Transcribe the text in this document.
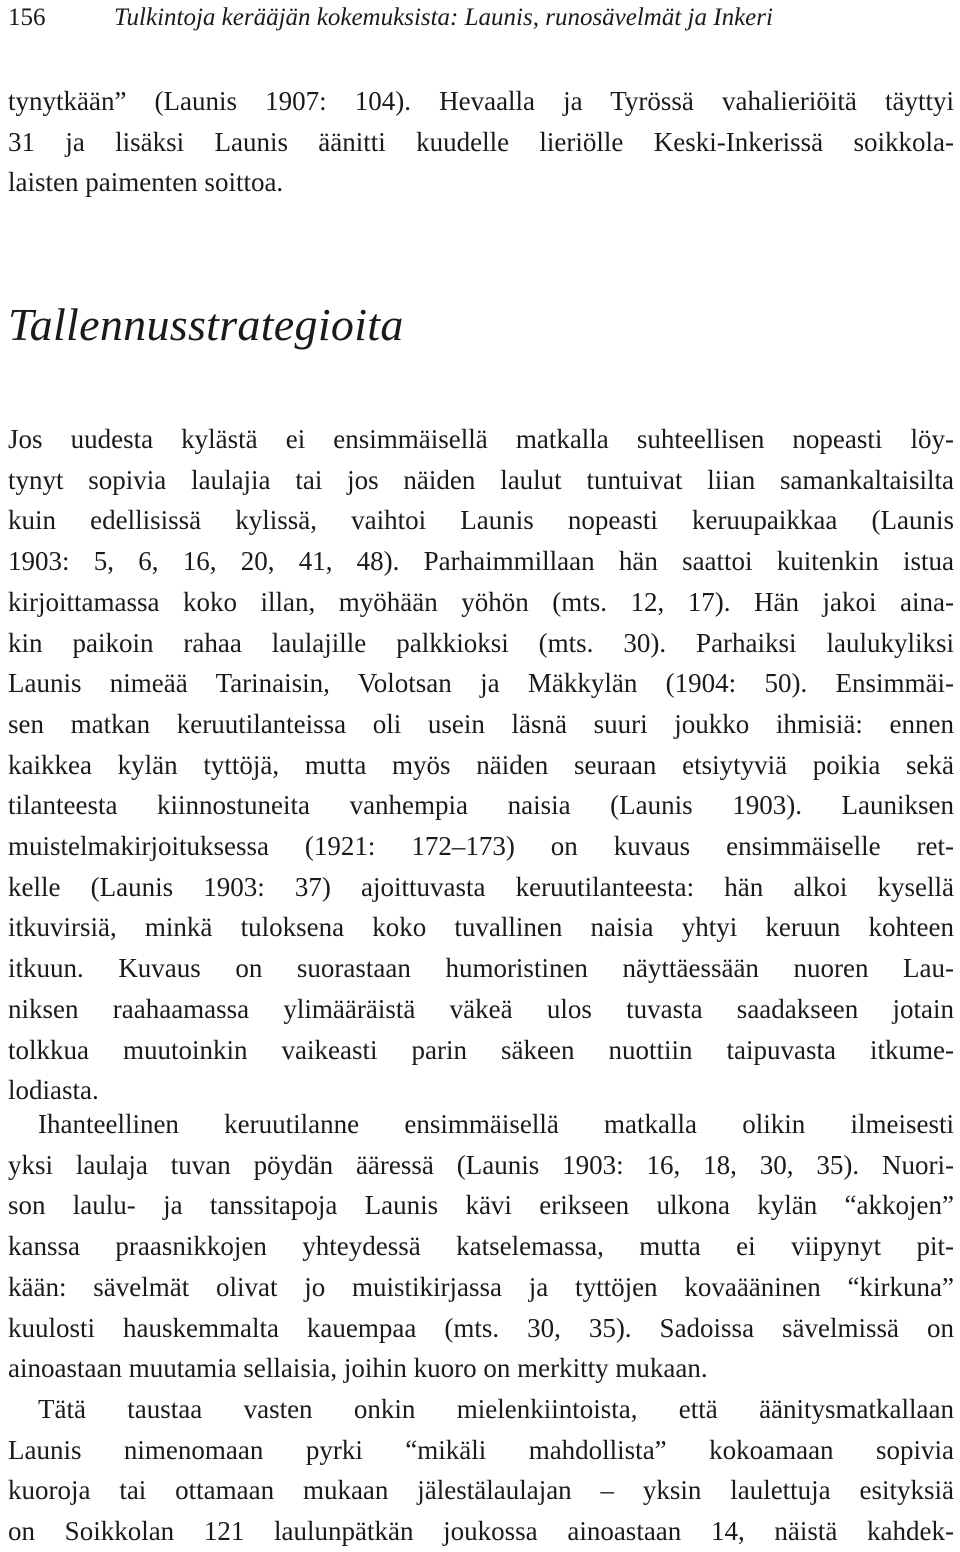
156	Tulkintoja kerääjän kokemuksista: Launis, runosävelmät ja Inkeri
tynytkään” (Launis 1907: 104). Hevaalla ja Tyrössä vahalieriöitä täyttyi
31 ja lisäksi Launis äänitti kuudelle lieriölle Keski-Inkerissä soikkola-
laisten paimenten soittoa.
Tallennusstrategioita
Jos uudesta kylästä ei ensimmäisellä matkalla suhteellisen nopeasti löy-
tynyt sopivia laulajia tai jos näiden laulut tuntuivat liian samankaltaisilta
kuin edellisissä kylissä, vaihtoi Launis nopeasti keruupaikkaa (Launis
1903: 5, 6, 16, 20, 41, 48). Parhaimmillaan hän saattoi kuitenkin istua
kirjoittamassa koko illan, myöhään yöhön (mts. 12, 17). Hän jakoi aina-
kin paikoin rahaa laulajille palkkioksi (mts. 30). Parhaiksi laulukyliksi
Launis nimeää Tarinaisin, Volotsan ja Mäkkylän (1904: 50). Ensimmäi-
sen matkan keruutilanteissa oli usein läsnä suuri joukko ihmisiä: ennen
kaikkea kylän tyttöjä, mutta myös näiden seuraan etsiytyviä poikia sekä
tilanteesta kiinnostuneita vanhempia naisia (Launis 1903). Launiksen
muistelmakirjoituksessa (1921: 172–173) on kuvaus ensimmäiselle ret-
kelle (Launis 1903: 37) ajoittuvasta keruutilanteesta: hän alkoi kysellä
itkuvirsiä, minkä tuloksena koko tuvallinen naisia yhtyi keruun kohteen
itkuun. Kuvaus on suorastaan humoristinen näyttäessään nuoren Lau-
niksen raahaamassa ylimääräistä väkeä ulos tuvasta saadakseen jotain
tolkkua muutoinkin vaikeasti parin säkeen nuottiin taipuvasta itkume-
lodiasta.
Ihanteellinen keruutilanne ensimmäisellä matkalla olikin ilmeisesti
yksi laulaja tuvan pöydän ääressä (Launis 1903: 16, 18, 30, 35). Nuori-
son laulu- ja tanssitapoja Launis kävi erikseen ulkona kylän “akkojen”
kanssa praasnikkojen yhteydessä katselemassa, mutta ei viipynyt pit-
kään: sävelmät olivat jo muistikirjassa ja tyttöjen kovaääninen “kirkuna”
kuulosti hauskemmalta kauempaa (mts. 30, 35). Sadoissa sävelmissä on
ainoastaan muutamia sellaisia, joihin kuoro on merkitty mukaan.
Tätä taustaa vasten onkin mielenkiintoista, että äänitysmatkallaan
Launis nimenomaan pyrki “mikäli mahdollista” kokoamaan sopivia
kuoroja tai ottamaan mukaan jälestälaulajan – yksin laulettuja esityksiä
on Soikkolan 121 laulunpätkän joukossa ainoastaan 14, näistä kahdek-
